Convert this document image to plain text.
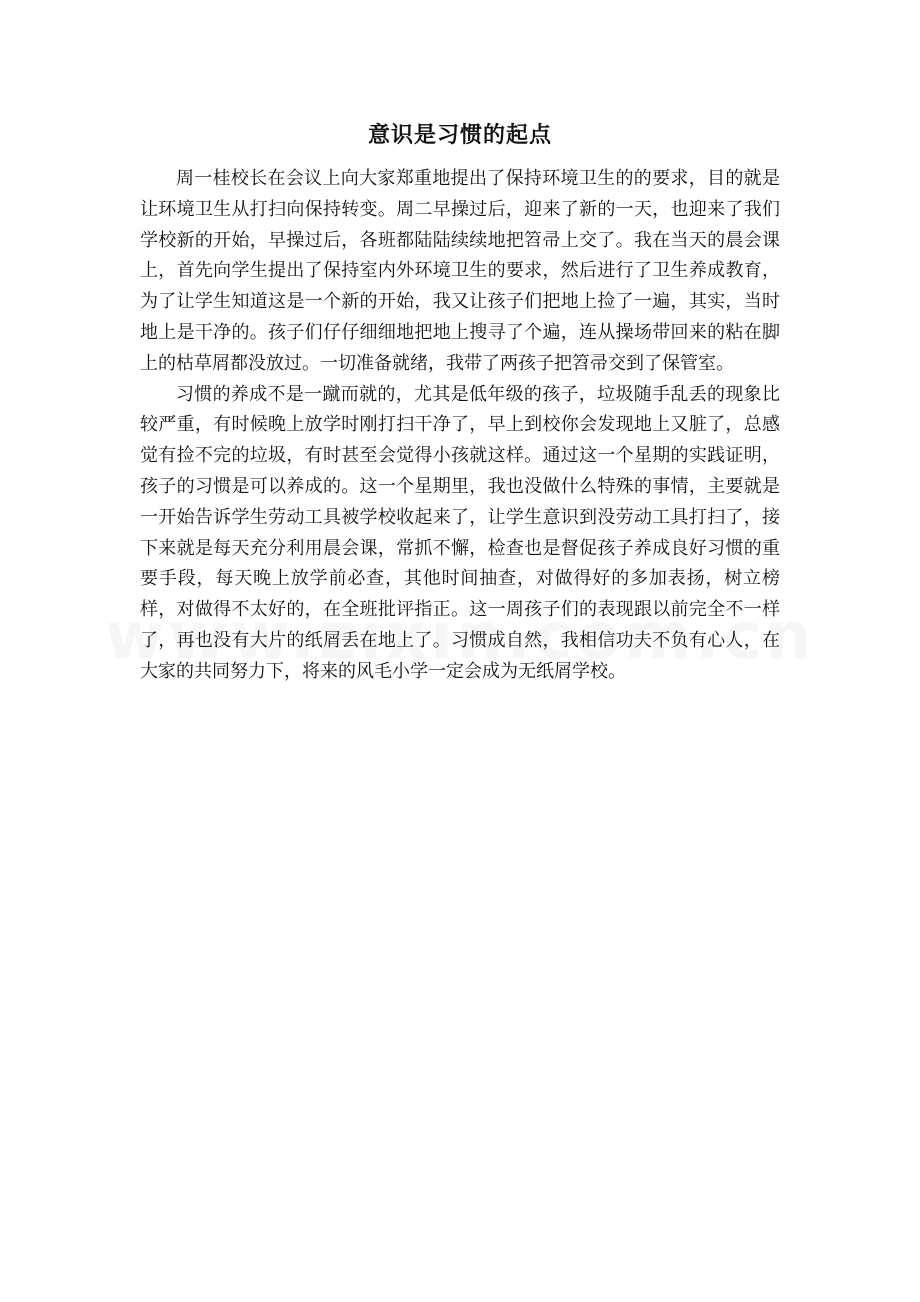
意识是习惯的起点

周一桂校长在会议上向大家郑重地提出了保持环境卫生的的要求，目的就是让环境卫生从打扫向保持转变。周二早操过后，迎来了新的一天，也迎来了我们学校新的开始，早操过后，各班都陆陆续续地把笤帚上交了。我在当天的晨会课上，首先向学生提出了保持室内外环境卫生的要求，然后进行了卫生养成教育，为了让学生知道这是一个新的开始，我又让孩子们把地上捡了一遍，其实，当时地上是干净的。孩子们仔仔细细地把地上搜寻了个遍，连从操场带回来的粘在脚上的枯草屑都没放过。一切准备就绪，我带了两孩子把笤帚交到了保管室。

习惯的养成不是一蹴而就的，尤其是低年级的孩子，垃圾随手乱丢的现象比较严重，有时候晚上放学时刚打扫干净了，早上到校你会发现地上又脏了，总感觉有捡不完的垃圾，有时甚至会觉得小孩就这样。通过这一个星期的实践证明，孩子的习惯是可以养成的。这一个星期里，我也没做什么特殊的事情，主要就是一开始告诉学生劳动工具被学校收起来了，让学生意识到没劳动工具打扫了，接下来就是每天充分利用晨会课，常抓不懈，检查也是督促孩子养成良好习惯的重要手段，每天晚上放学前必查，其他时间抽查，对做得好的多加表扬，树立榜样，对做得不太好的，在全班批评指正。这一周孩子们的表现跟以前完全不一样了，再也没有大片的纸屑丢在地上了。习惯成自然，我相信功夫不负有心人，在大家的共同努力下，将来的风毛小学一定会成为无纸屑学校。
